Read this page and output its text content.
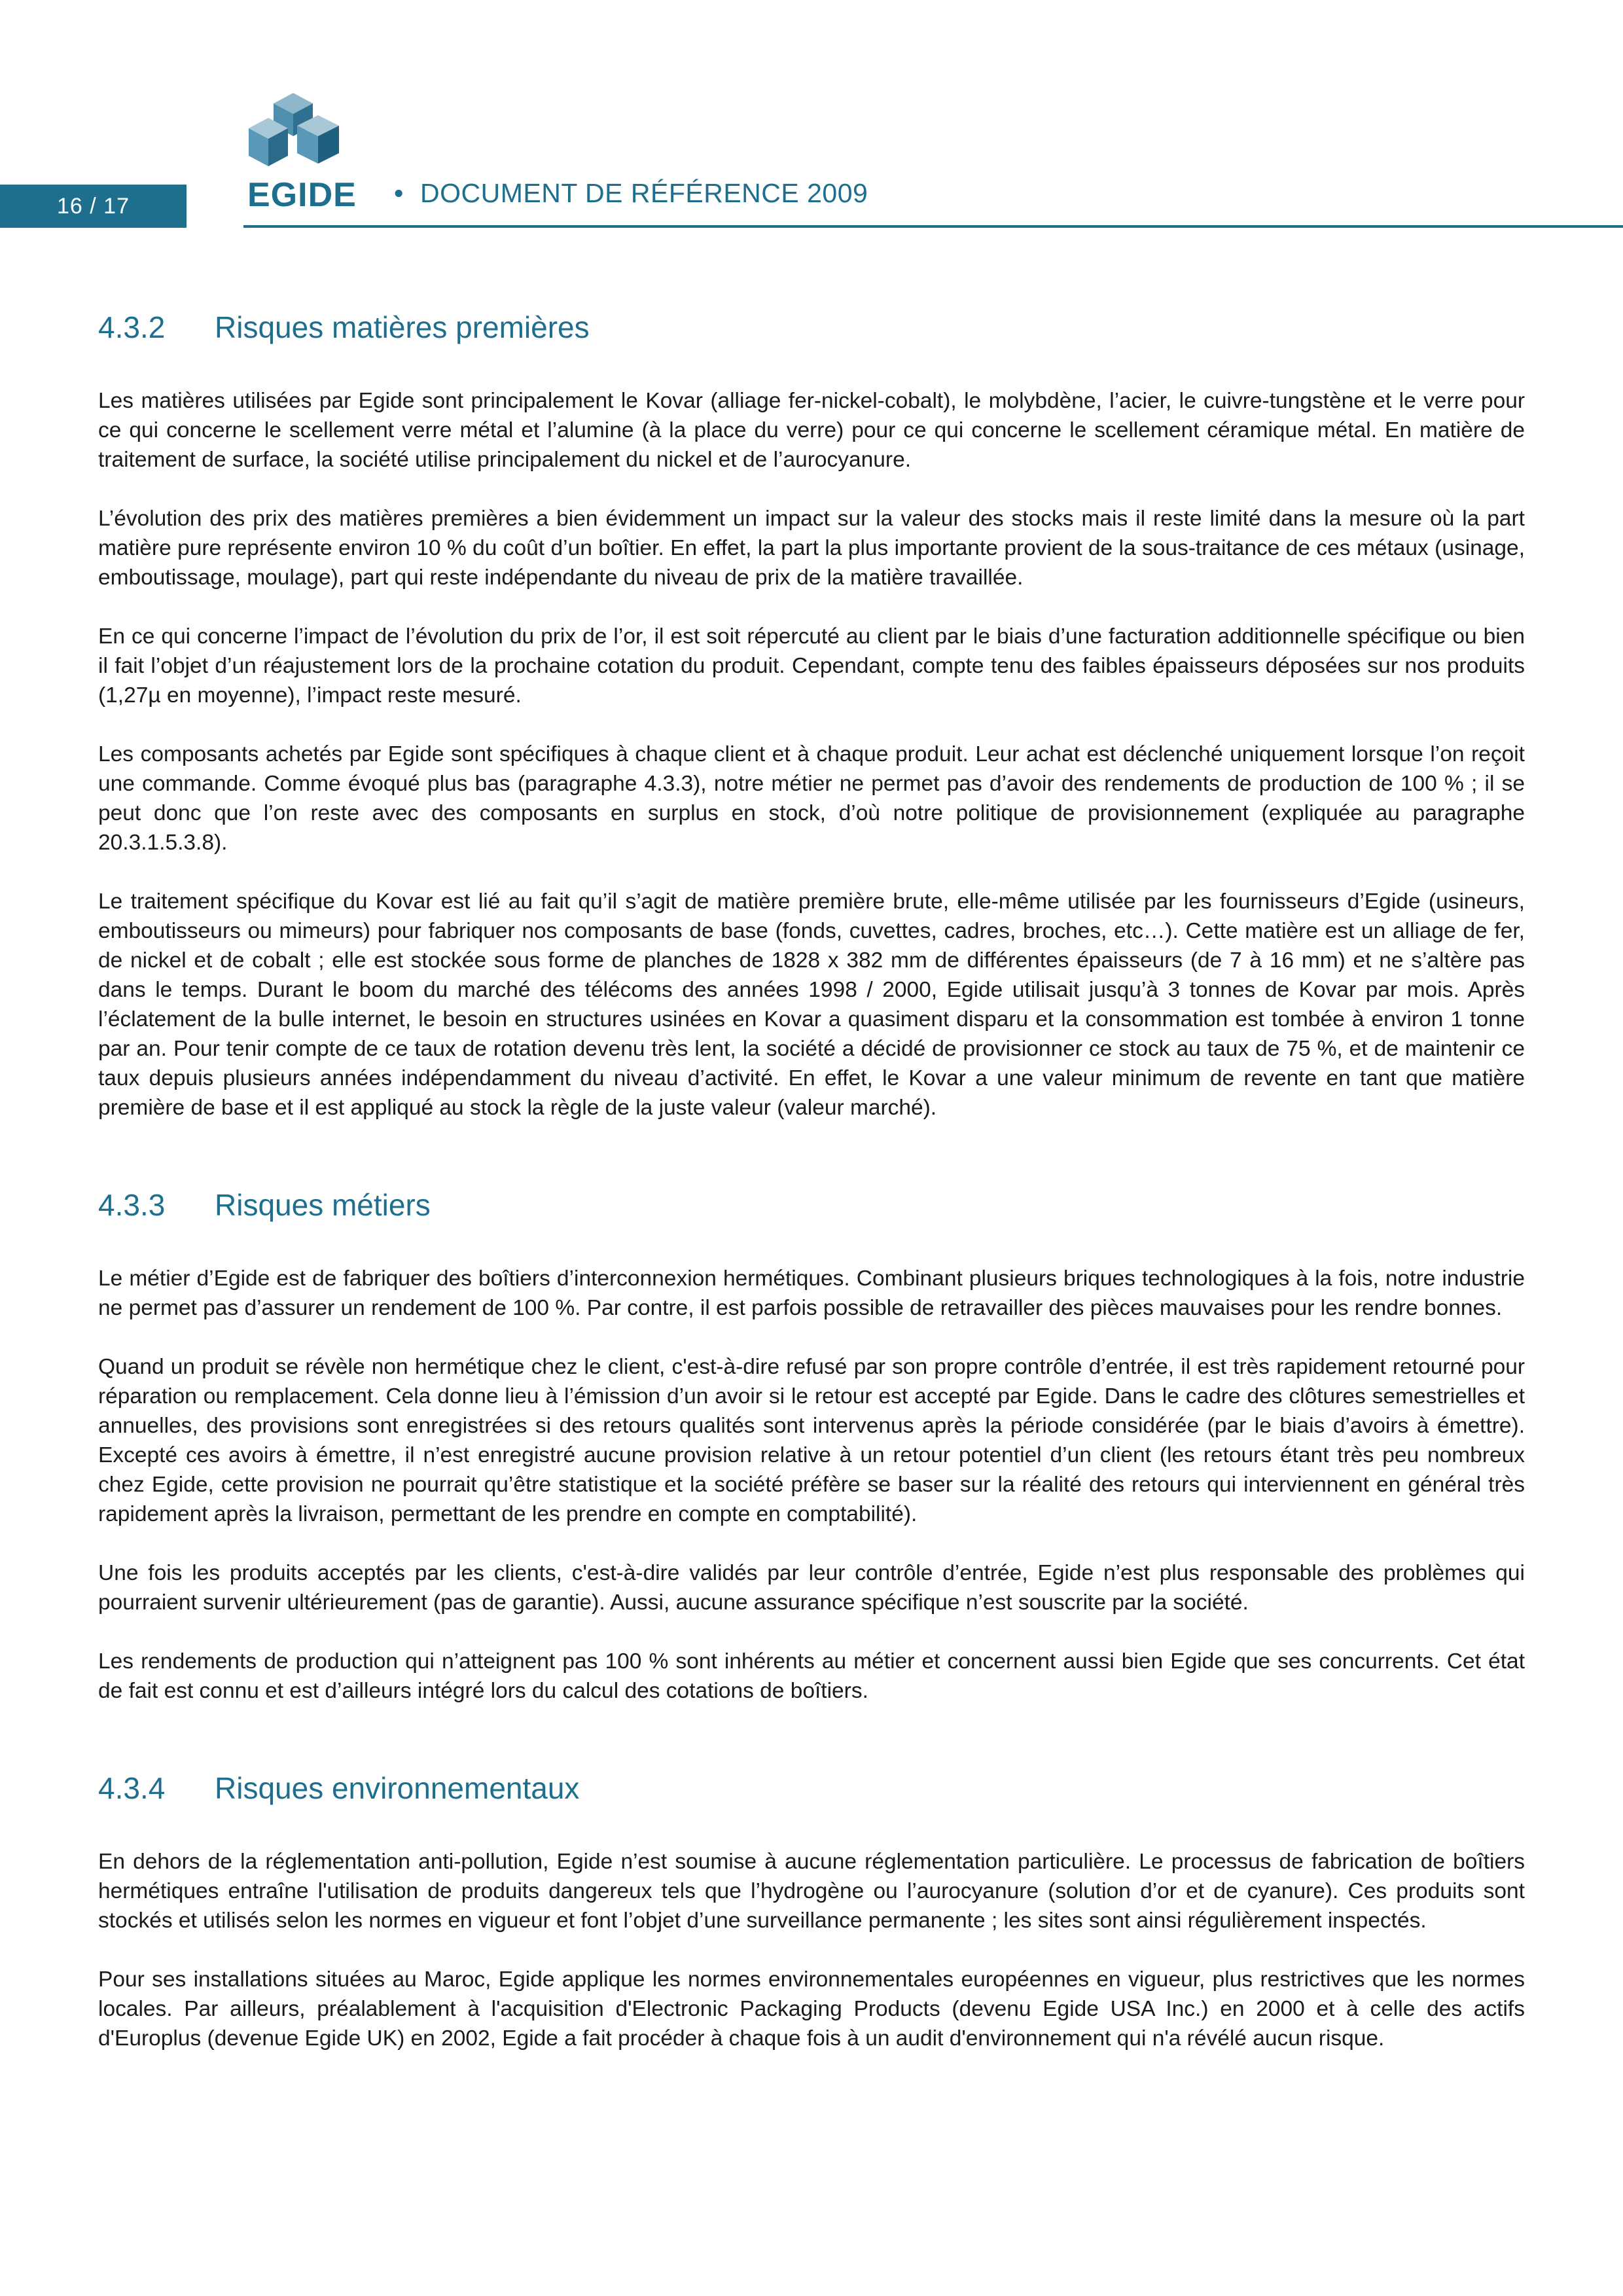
16 / 17	EGIDE • DOCUMENT DE RÉFÉRENCE 2009
4.3.2 Risques matières premières

Les matières utilisées par Egide sont principalement le Kovar (alliage fer-nickel-cobalt), le molybdène, l’acier, le cuivre-tungstène et le verre pour ce qui concerne le scellement verre métal et l’alumine (à la place du verre) pour ce qui concerne le scellement céramique métal. En matière de traitement de surface, la société utilise principalement du nickel et de l’aurocyanure.

L’évolution des prix des matières premières a bien évidemment un impact sur la valeur des stocks mais il reste limité dans la mesure où la part matière pure représente environ 10 % du coût d’un boîtier. En effet, la part la plus importante provient de la sous-traitance de ces métaux (usinage, emboutissage, moulage), part qui reste indépendante du niveau de prix de la matière travaillée.

En ce qui concerne l’impact de l’évolution du prix de l’or, il est soit répercuté au client par le biais d’une facturation additionnelle spécifique ou bien il fait l’objet d’un réajustement lors de la prochaine cotation du produit. Cependant, compte tenu des faibles épaisseurs déposées sur nos produits (1,27µ en moyenne), l’impact reste mesuré.

Les composants achetés par Egide sont spécifiques à chaque client et à chaque produit. Leur achat est déclenché uniquement lorsque l’on reçoit une commande. Comme évoqué plus bas (paragraphe 4.3.3), notre métier ne permet pas d’avoir des rendements de production de 100 % ; il se peut donc que l’on reste avec des composants en surplus en stock, d’où notre politique de provisionnement (expliquée au paragraphe 20.3.1.5.3.8).

Le traitement spécifique du Kovar est lié au fait qu’il s’agit de matière première brute, elle-même utilisée par les fournisseurs d’Egide (usineurs, emboutisseurs ou mimeurs) pour fabriquer nos composants de base (fonds, cuvettes, cadres, broches, etc…). Cette matière est un alliage de fer, de nickel et de cobalt ; elle est stockée sous forme de planches de 1828 x 382 mm de différentes épaisseurs (de 7 à 16 mm) et ne s’altère pas dans le temps. Durant le boom du marché des télécoms des années 1998 / 2000, Egide utilisait jusqu’à 3 tonnes de Kovar par mois. Après l’éclatement de la bulle internet, le besoin en structures usinées en Kovar a quasiment disparu et la consommation est tombée à environ 1 tonne par an. Pour tenir compte de ce taux de rotation devenu très lent, la société a décidé de provisionner ce stock au taux de 75 %, et de maintenir ce taux depuis plusieurs années indépendamment du niveau d’activité. En effet, le Kovar a une valeur minimum de revente en tant que matière première de base et il est appliqué au stock la règle de la juste valeur (valeur marché).

4.3.3 Risques métiers

Le métier d’Egide est de fabriquer des boîtiers d’interconnexion hermétiques. Combinant plusieurs briques technologiques à la fois, notre industrie ne permet pas d’assurer un rendement de 100 %. Par contre, il est parfois possible de retravailler des pièces mauvaises pour les rendre bonnes.

Quand un produit se révèle non hermétique chez le client, c'est-à-dire refusé par son propre contrôle d’entrée, il est très rapidement retourné pour réparation ou remplacement. Cela donne lieu à l’émission d’un avoir si le retour est accepté par Egide. Dans le cadre des clôtures semestrielles et annuelles, des provisions sont enregistrées si des retours qualités sont intervenus après la période considérée (par le biais d’avoirs à émettre). Excepté ces avoirs à émettre, il n’est enregistré aucune provision relative à un retour potentiel d’un client (les retours étant très peu nombreux chez Egide, cette provision ne pourrait qu’être statistique et la société préfère se baser sur la réalité des retours qui interviennent en général très rapidement après la livraison, permettant de les prendre en compte en comptabilité).

Une fois les produits acceptés par les clients, c'est-à-dire validés par leur contrôle d’entrée, Egide n’est plus responsable des problèmes qui pourraient survenir ultérieurement (pas de garantie). Aussi, aucune assurance spécifique n’est souscrite par la société.

Les rendements de production qui n’atteignent pas 100 % sont inhérents au métier et concernent aussi bien Egide que ses concurrents. Cet état de fait est connu et est d’ailleurs intégré lors du calcul des cotations de boîtiers.

4.3.4 Risques environnementaux

En dehors de la réglementation anti-pollution, Egide n’est soumise à aucune réglementation particulière. Le processus de fabrication de boîtiers hermétiques entraîne l'utilisation de produits dangereux tels que l’hydrogène ou l’aurocyanure (solution d’or et de cyanure). Ces produits sont stockés et utilisés selon les normes en vigueur et font l’objet d’une surveillance permanente ; les sites sont ainsi régulièrement inspectés.

Pour ses installations situées au Maroc, Egide applique les normes environnementales européennes en vigueur, plus restrictives que les normes locales. Par ailleurs, préalablement à l'acquisition d'Electronic Packaging Products (devenu Egide USA Inc.) en 2000 et à celle des actifs d'Europlus (devenue Egide UK) en 2002, Egide a fait procéder à chaque fois à un audit d'environnement qui n'a révélé aucun risque.
